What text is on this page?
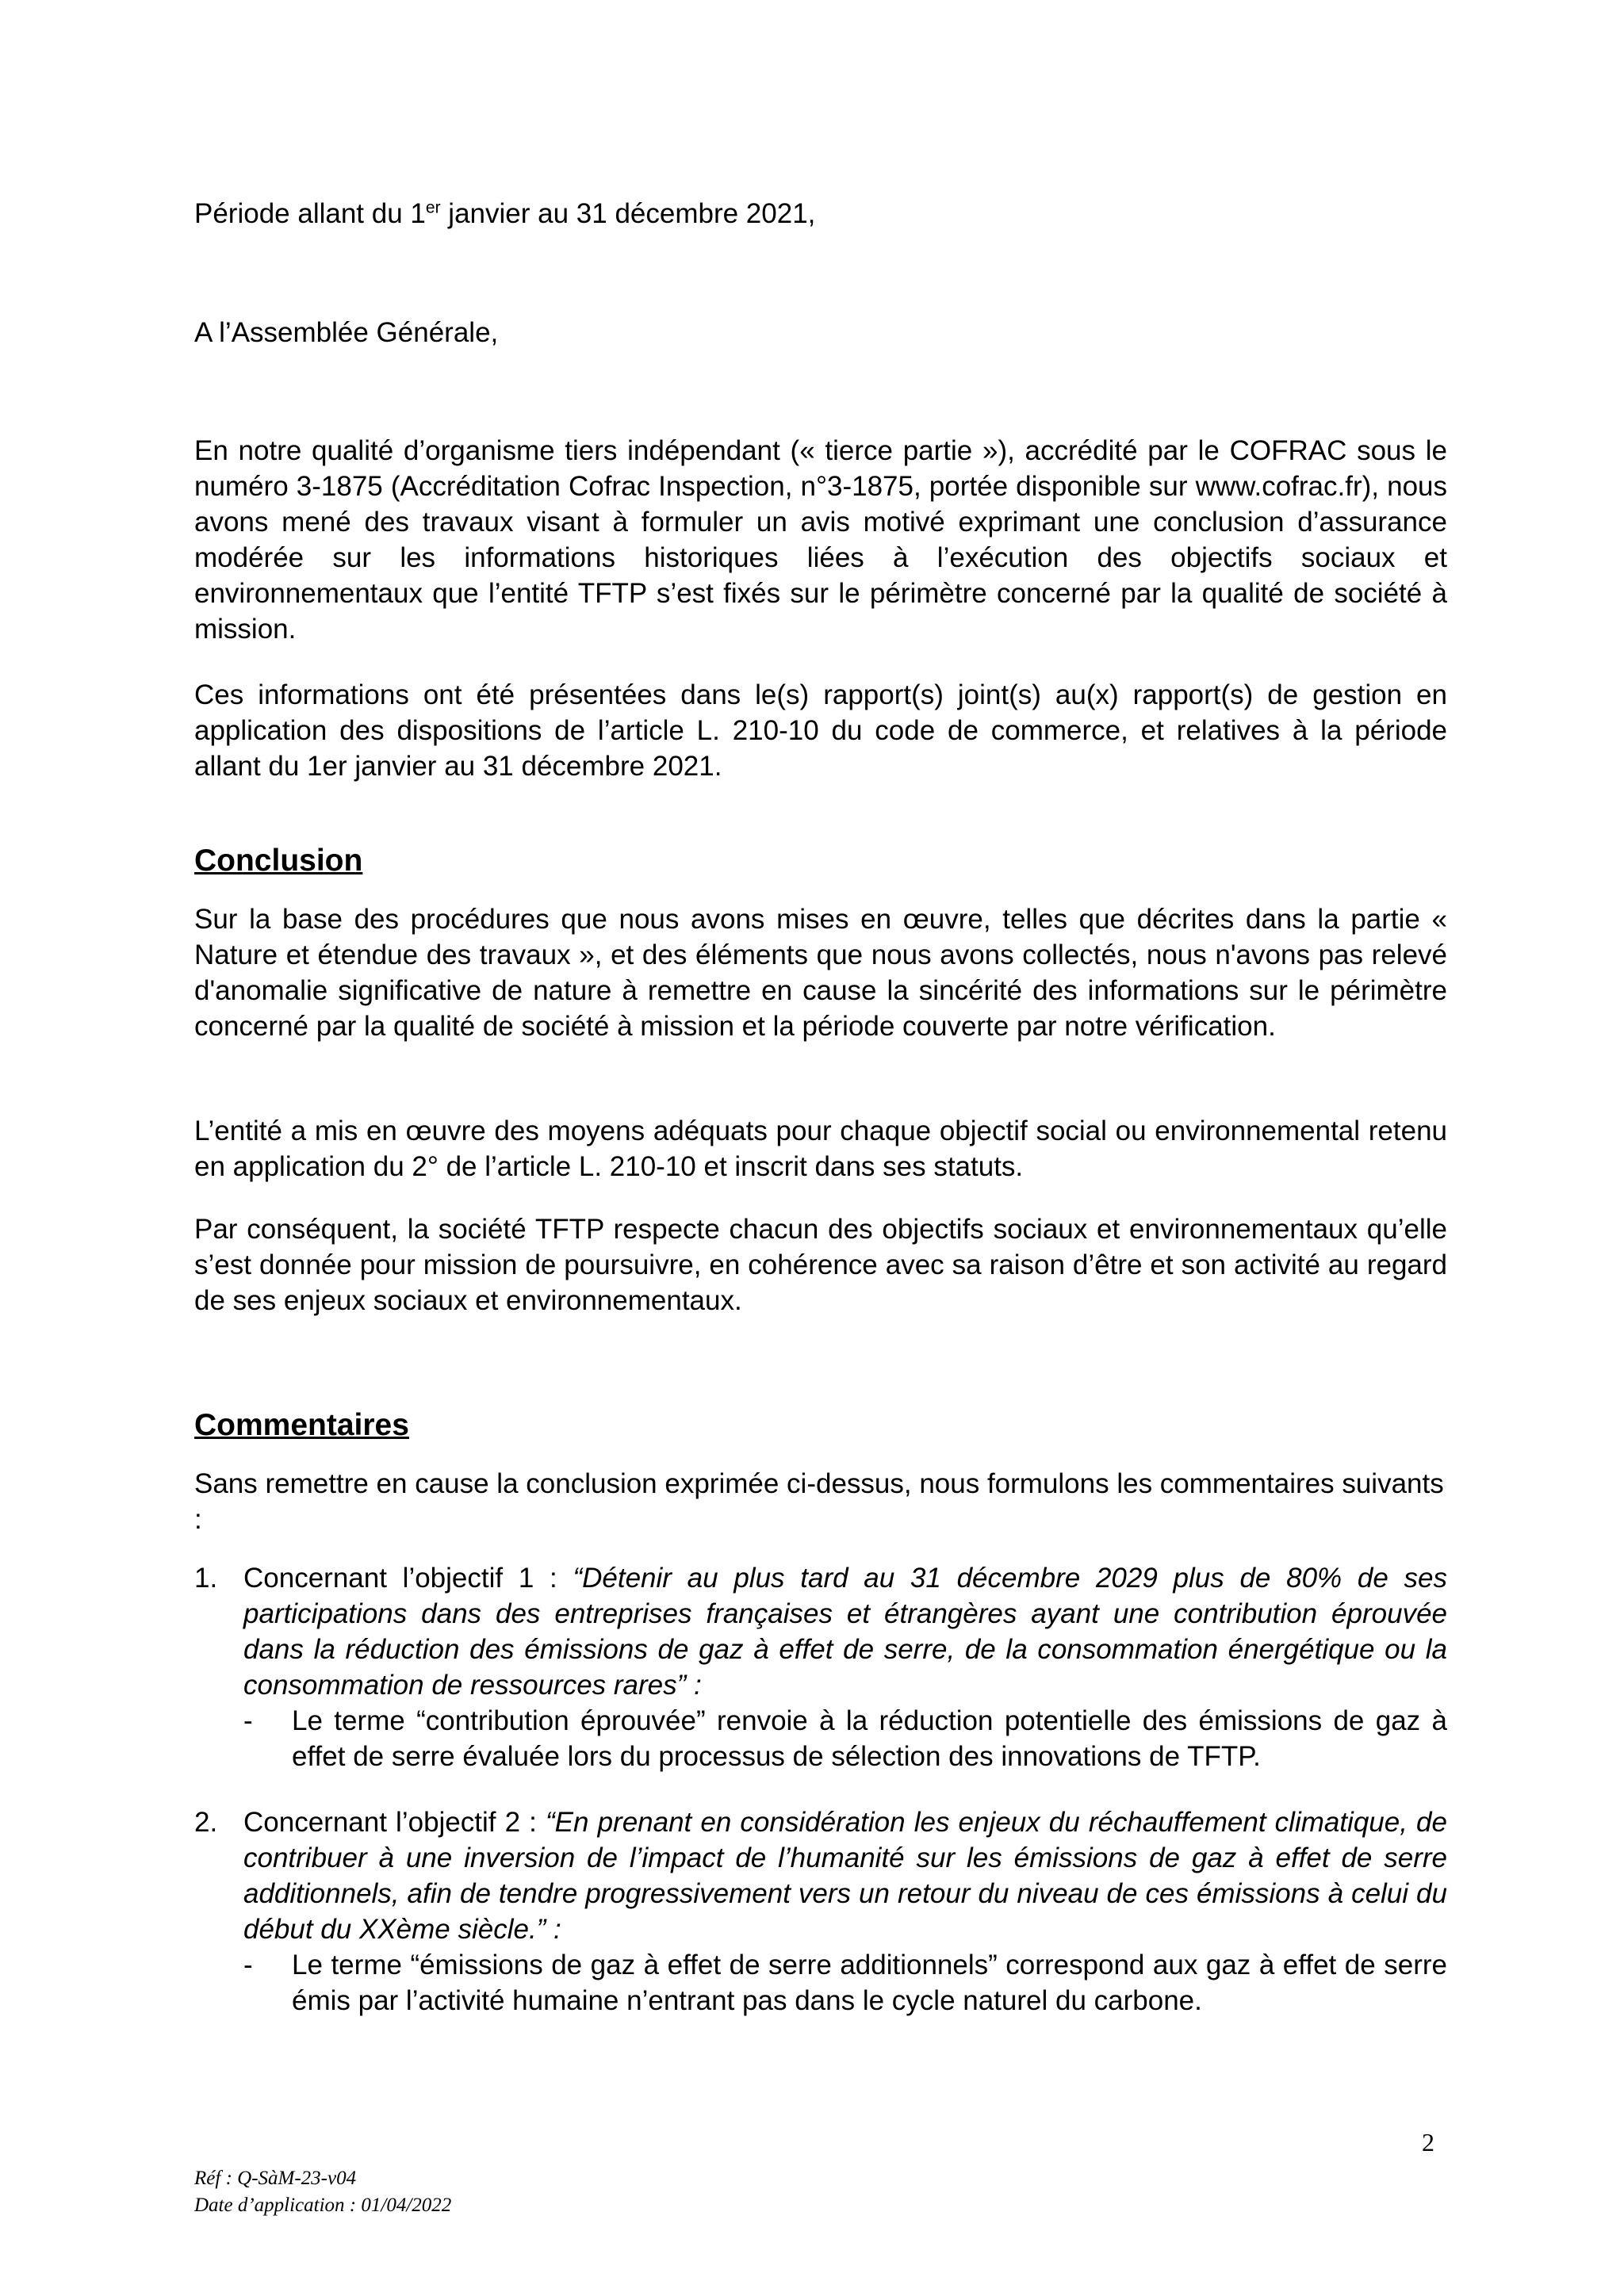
Période allant du 1er janvier au 31 décembre 2021,

A l’Assemblée Générale,

En notre qualité d’organisme tiers indépendant (« tierce partie »), accrédité par le COFRAC sous le numéro 3-1875 (Accréditation Cofrac Inspection, n°3-1875, portée disponible sur www.cofrac.fr), nous avons mené des travaux visant à formuler un avis motivé exprimant une conclusion d’assurance modérée sur les informations historiques liées à l’exécution des objectifs sociaux et environnementaux que l’entité TFTP s’est fixés sur le périmètre concerné par la qualité de société à mission.

Ces informations ont été présentées dans le(s) rapport(s) joint(s) au(x) rapport(s) de gestion en application des dispositions de l’article L. 210-10 du code de commerce, et relatives à la période allant du 1er janvier au 31 décembre 2021.

Conclusion

Sur la base des procédures que nous avons mises en œuvre, telles que décrites dans la partie « Nature et étendue des travaux », et des éléments que nous avons collectés, nous n'avons pas relevé d'anomalie significative de nature à remettre en cause la sincérité des informations sur le périmètre concerné par la qualité de société à mission et la période couverte par notre vérification.

L’entité a mis en œuvre des moyens adéquats pour chaque objectif social ou environnemental retenu en application du 2° de l’article L. 210-10 et inscrit dans ses statuts.

Par conséquent, la société TFTP respecte chacun des objectifs sociaux et environnementaux qu’elle s’est donnée pour mission de poursuivre, en cohérence avec sa raison d’être et son activité au regard de ses enjeux sociaux et environnementaux.

Commentaires

Sans remettre en cause la conclusion exprimée ci-dessus, nous formulons les commentaires suivants :

1. Concernant l’objectif 1 : “Détenir au plus tard au 31 décembre 2029 plus de 80% de ses participations dans des entreprises françaises et étrangères ayant une contribution éprouvée dans la réduction des émissions de gaz à effet de serre, de la consommation énergétique ou la consommation de ressources rares” :
- Le terme “contribution éprouvée” renvoie à la réduction potentielle des émissions de gaz à effet de serre évaluée lors du processus de sélection des innovations de TFTP.
2. Concernant l’objectif 2 : “En prenant en considération les enjeux du réchauffement climatique, de contribuer à une inversion de l’impact de l’humanité sur les émissions de gaz à effet de serre additionnels, afin de tendre progressivement vers un retour du niveau de ces émissions à celui du début du XXème siècle.” :
- Le terme “émissions de gaz à effet de serre additionnels” correspond aux gaz à effet de serre émis par l’activité humaine n’entrant pas dans le cycle naturel du carbone.
2
Réf : Q-SàM-23-v04
Date d’application : 01/04/2022
